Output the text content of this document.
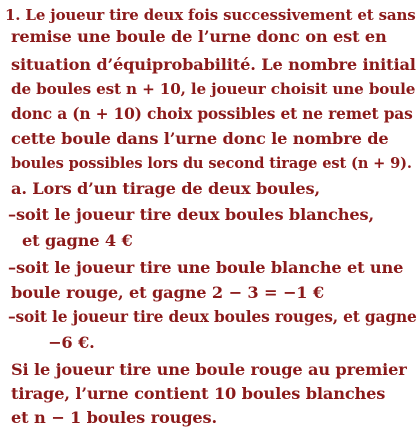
1. Le joueur tire deux fois successivement et sans
remise une boule de l’urne donc on est en
situation d’équiprobabilité. Le nombre initial
de boules est n + 10, le joueur choisit une boule
donc a (n + 10) choix possibles et ne remet pas
cette boule dans l’urne donc le nombre de
boules possibles lors du second tirage est (n + 9).
a. Lors d’un tirage de deux boules,
–soit le joueur tire deux boules blanches,
et gagne 4 €
–soit le joueur tire une boule blanche et une
boule rouge, et gagne 2 − 3 = −1 €
–soit le joueur tire deux boules rouges, et gagne
−6 €.
Si le joueur tire une boule rouge au premier
tirage, l’urne contient 10 boules blanches
et n − 1 boules rouges.
